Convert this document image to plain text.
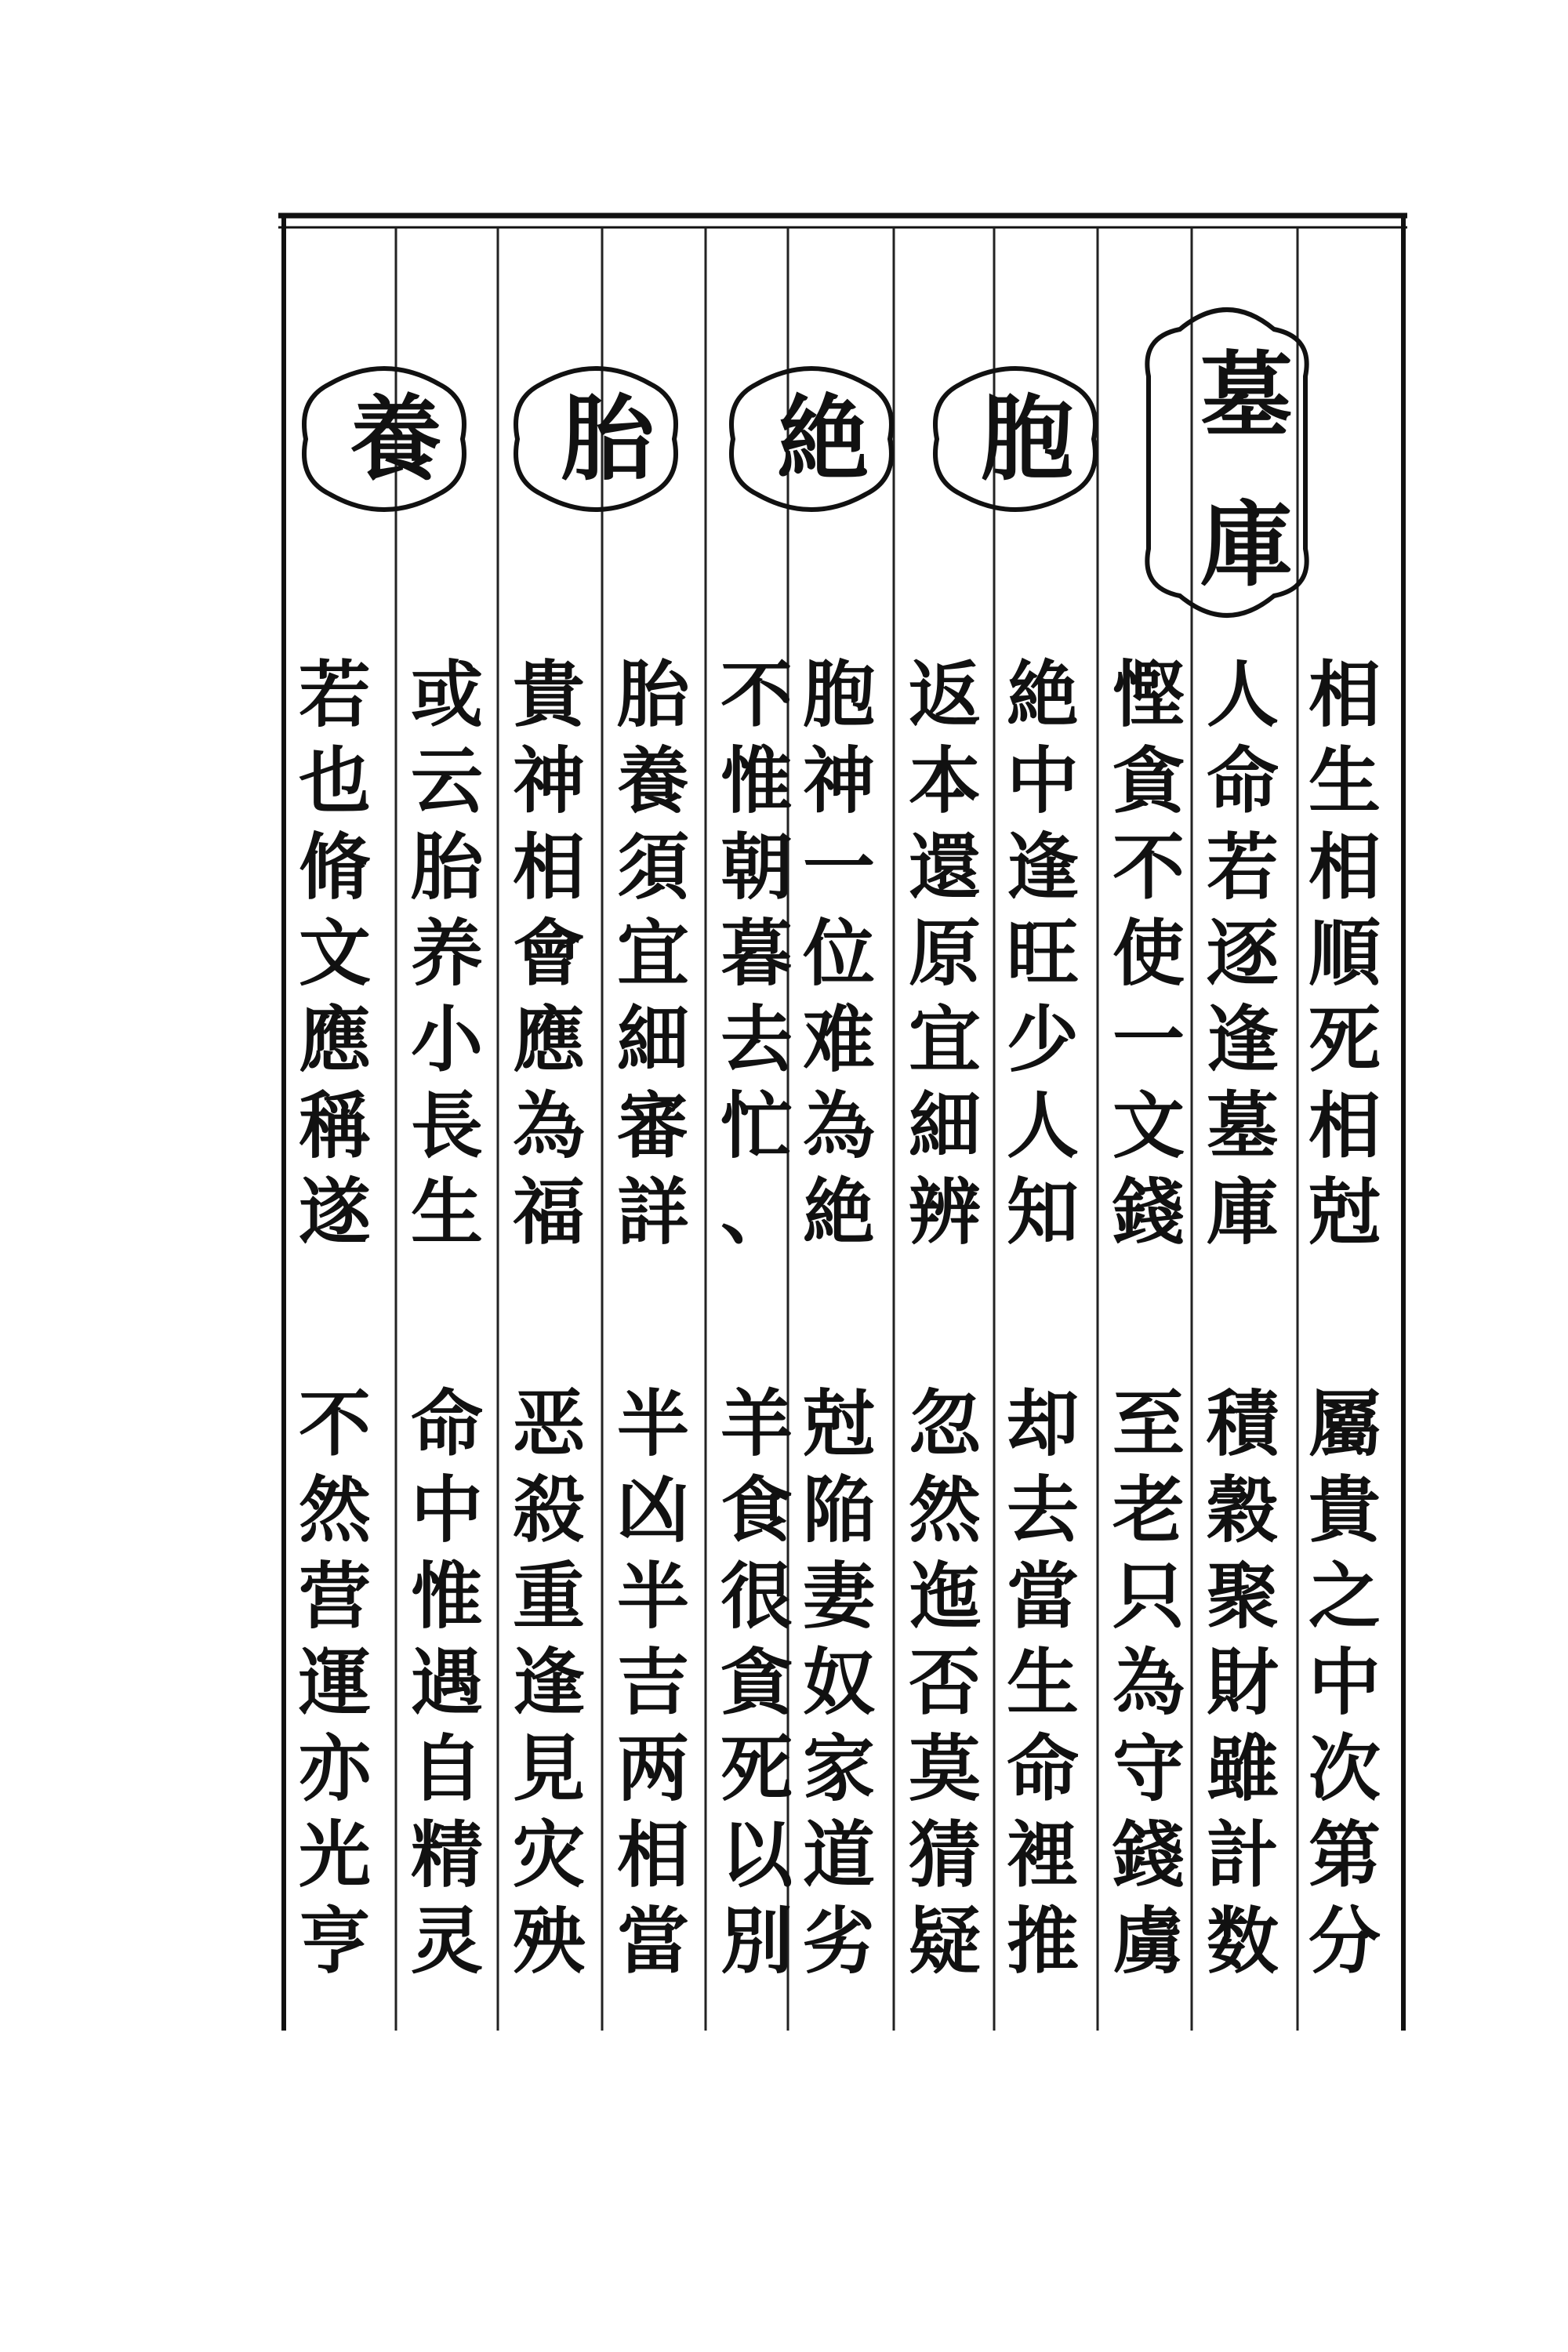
墓
庫
胞
絶
胎
養
相
生
相
順
死
相
尅
人
命
若
逐
逢
墓
庫
慳
貪
不
使
一
文
錢
絶
中
逢
旺
少
人
知
返
本
還
原
宜
細
辨
胞
神
一
位
难
為
絶
不
惟
朝
暮
去
忙
、
胎
養
須
宜
細
審
詳
貴
神
相
會
應
為
福
或
云
胎
养
小
長
生
若
也
脩
文
應
稱
遂
屬
貴
之
中
次
第
分
積
穀
聚
財
雖
計
数
至
老
只
為
守
錢
虜
却
去
當
生
命
裡
推
忽
然
迤
否
莫
猜
疑
尅
陥
妻
奴
家
道
劣
羊
食
很
貪
死
以
別
半
凶
半
吉
两
相
當
恶
殺
重
逢
見
灾
殃
命
中
惟
遇
自
精
灵
不
然
营
運
亦
光
亨
